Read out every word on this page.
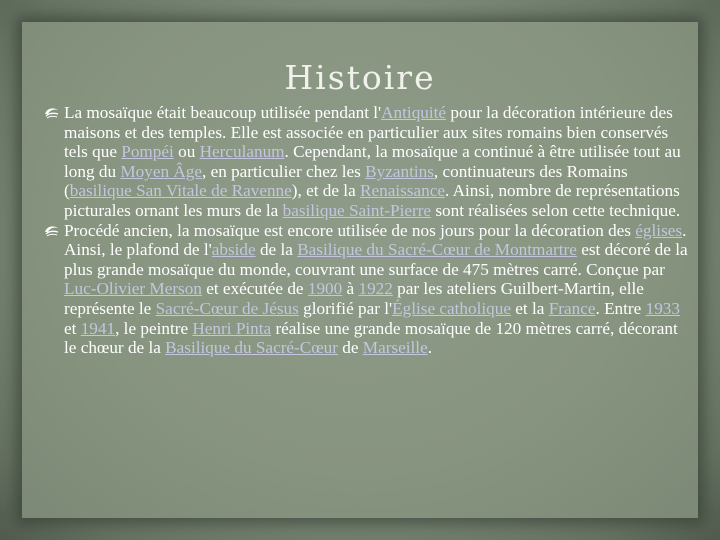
Histoire
La mosaïque était beaucoup utilisée pendant l'Antiquité pour la décoration intérieure des maisons et des temples. Elle est associée en particulier aux sites romains bien conservés tels que Pompéi ou Herculanum. Cependant, la mosaïque a continué à être utilisée tout au long du Moyen Âge, en particulier chez les Byzantins, continuateurs des Romains (basilique San Vitale de Ravenne), et de la Renaissance. Ainsi, nombre de représentations picturales ornant les murs de la basilique Saint-Pierre sont réalisées selon cette technique.
Procédé ancien, la mosaïque est encore utilisée de nos jours pour la décoration des églises. Ainsi, le plafond de l'abside de la Basilique du Sacré-Cœur de Montmartre est décoré de la plus grande mosaïque du monde, couvrant une surface de 475 mètres carré. Conçue par Luc-Olivier Merson et exécutée de 1900 à 1922 par les ateliers Guilbert-Martin, elle représente le Sacré-Cœur de Jésus glorifié par l'Église catholique et la France. Entre 1933 et 1941, le peintre Henri Pinta réalise une grande mosaïque de 120 mètres carré, décorant le chœur de la Basilique du Sacré-Cœur de Marseille.
